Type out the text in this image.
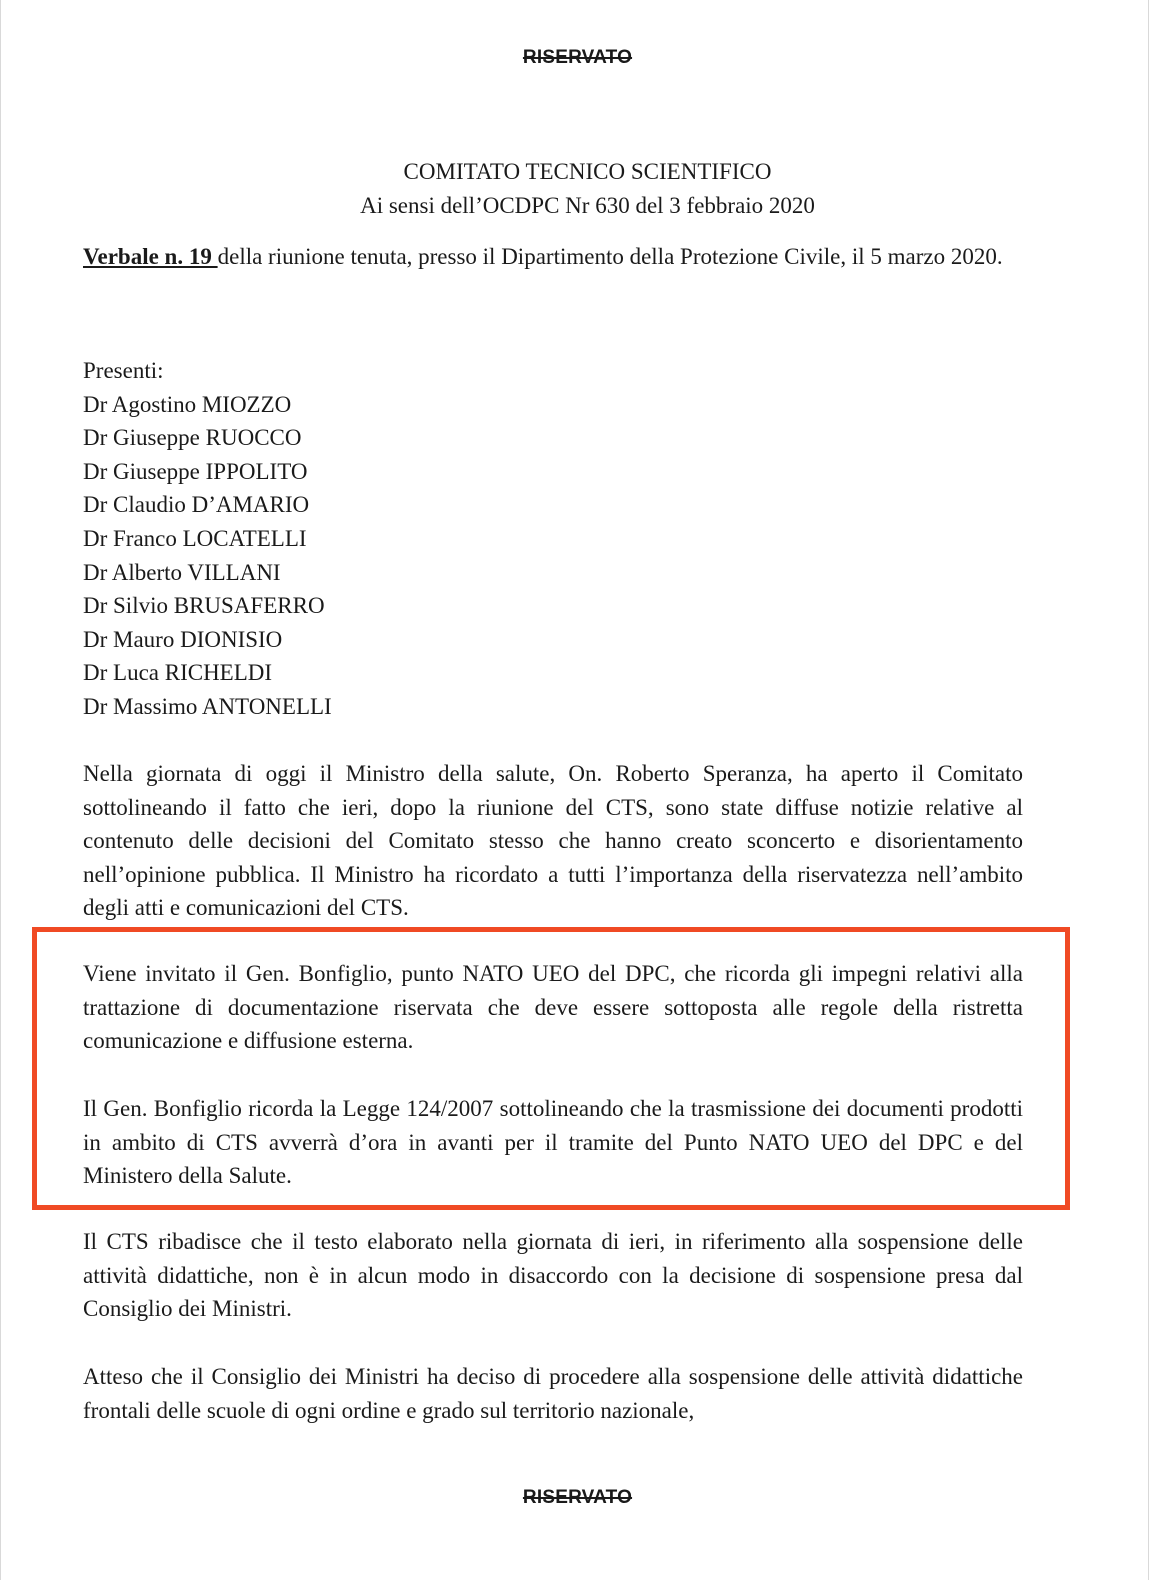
RISERVATO
COMITATO TECNICO SCIENTIFICO
Ai sensi dell’OCDPC Nr 630 del 3 febbraio 2020
Verbale n. 19 della riunione tenuta, presso il Dipartimento della Protezione Civile, il 5 marzo 2020.
Presenti:
Dr Agostino MIOZZO
Dr Giuseppe RUOCCO
Dr Giuseppe IPPOLITO
Dr Claudio D’AMARIO
Dr Franco LOCATELLI
Dr Alberto VILLANI
Dr Silvio BRUSAFERRO
Dr Mauro DIONISIO
Dr Luca RICHELDI
Dr Massimo ANTONELLI
Nella giornata di oggi il Ministro della salute, On. Roberto Speranza, ha aperto il Comitato sottolineando il fatto che ieri, dopo la riunione del CTS, sono state diffuse notizie relative al contenuto delle decisioni del Comitato stesso che hanno creato sconcerto e disorientamento nell’opinione pubblica. Il Ministro ha ricordato a tutti l’importanza della riservatezza nell’ambito degli atti e comunicazioni del CTS.
Viene invitato il Gen. Bonfiglio, punto NATO UEO del DPC, che ricorda gli impegni relativi alla trattazione di documentazione riservata che deve essere sottoposta alle regole della ristretta comunicazione e diffusione esterna.
Il Gen. Bonfiglio ricorda la Legge 124/2007 sottolineando che la trasmissione dei documenti prodotti in ambito di CTS avverrà d’ora in avanti per il tramite del Punto NATO UEO del DPC e del Ministero della Salute.
Il CTS ribadisce che il testo elaborato nella giornata di ieri, in riferimento alla sospensione delle attività didattiche, non è in alcun modo in disaccordo con la decisione di sospensione presa dal Consiglio dei Ministri.
Atteso che il Consiglio dei Ministri ha deciso di procedere alla sospensione delle attività didattiche frontali delle scuole di ogni ordine e grado sul territorio nazionale,
RISERVATO
